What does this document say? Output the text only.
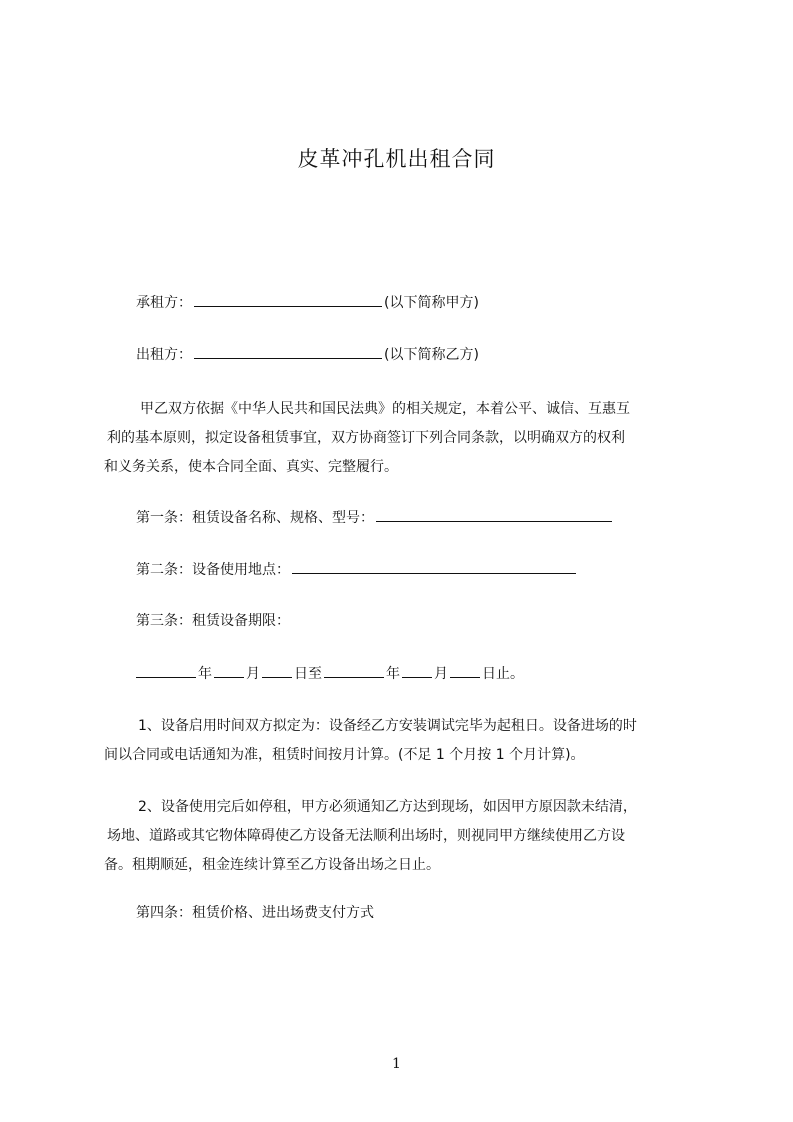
皮革冲孔机出租合同
承租方：	(以下简称甲方)
出租方：	(以下简称乙方)
甲乙双方依据《中华人民共和国民法典》的相关规定，本着公平、诚信、互惠互
利的基本原则，拟定设备租赁事宜，双方协商签订下列合同条款，以明确双方的权利
和义务关系，使本合同全面、真实、完整履行。
第一条：租赁设备名称、规格、型号：
第二条：设备使用地点：
第三条：租赁设备期限：
年 月 日至	年 月 日止。
1、设备启用时间双方拟定为：设备经乙方安装调试完毕为起租日。设备进场的时
间以合同或电话通知为准，租赁时间按月计算。(不足 1 个月按 1 个月计算)。
2、设备使用完后如停租，甲方必须通知乙方达到现场，如因甲方原因款未结清，
场地、道路或其它物体障碍使乙方设备无法顺利出场时，则视同甲方继续使用乙方设
备。租期顺延，租金连续计算至乙方设备出场之日止。
第四条：租赁价格、进出场费支付方式
1
